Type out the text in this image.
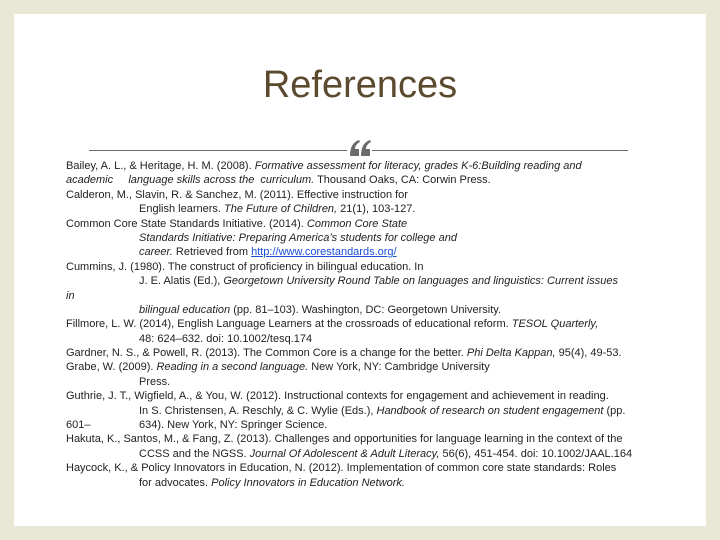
References
Bailey, A. L., & Heritage, H. M. (2008). Formative assessment for literacy, grades K-6:Building reading and
academic     language skills across the  curriculum. Thousand Oaks, CA: Corwin Press.
Calderon, M., Slavin, R. & Sanchez, M. (2011). Effective instruction for
English learners. The Future of Children, 21(1), 103-127.
Common Core State Standards Initiative. (2014). Common Core State
Standards Initiative: Preparing America’s students for college and
career. Retrieved from http://www.corestandards.org/
Cummins, J. (1980). The construct of proficiency in bilingual education. In
J. E. Alatis (Ed.), Georgetown University Round Table on languages and linguistics: Current issues
in
bilingual education (pp. 81–103). Washington, DC: Georgetown University.
Fillmore, L. W. (2014), English Language Learners at the crossroads of educational reform. TESOL Quarterly,
48: 624–632. doi: 10.1002/tesq.174
Gardner, N. S., & Powell, R. (2013). The Common Core is a change for the better. Phi Delta Kappan, 95(4), 49-53.
Grabe, W. (2009). Reading in a second language. New York, NY: Cambridge University
Press.
Guthrie, J. T., Wigfield, A., & You, W. (2012). Instructional contexts for engagement and achievement in reading.
In S. Christensen, A. Reschly, & C. Wylie (Eds.), Handbook of research on student engagement (pp.
601–	634). New York, NY: Springer Science.
Hakuta, K., Santos, M., & Fang, Z. (2013). Challenges and opportunities for language learning in the context of the
CCSS and the NGSS. Journal Of Adolescent & Adult Literacy, 56(6), 451-454. doi: 10.1002/JAAL.164
Haycock, K., & Policy Innovators in Education, N. (2012). Implementation of common core state standards: Roles
for advocates. Policy Innovators in Education Network.
